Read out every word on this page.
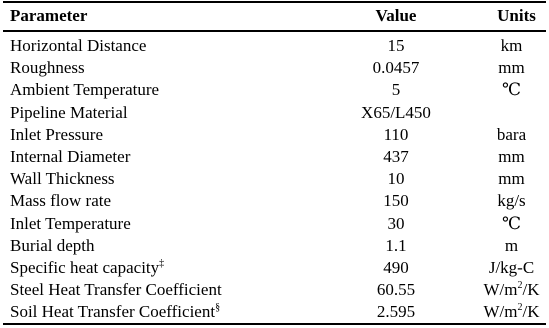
Parameter	Value	Units
Horizontal Distance	15	km
Roughness	0.0457	mm
Ambient Temperature	5	℃
Pipeline Material	X65/L450	
Inlet Pressure	110	bara
Internal Diameter	437	mm
Wall Thickness	10	mm
Mass flow rate	150	kg/s
Inlet Temperature	30	℃
Burial depth	1.1	m
Specific heat capacity‡	490	J/kg-C
Steel Heat Transfer Coefficient	60.55	$W/m^2/K$
Soil Heat Transfer Coefficient§	2.595	$W/m^2/K$
